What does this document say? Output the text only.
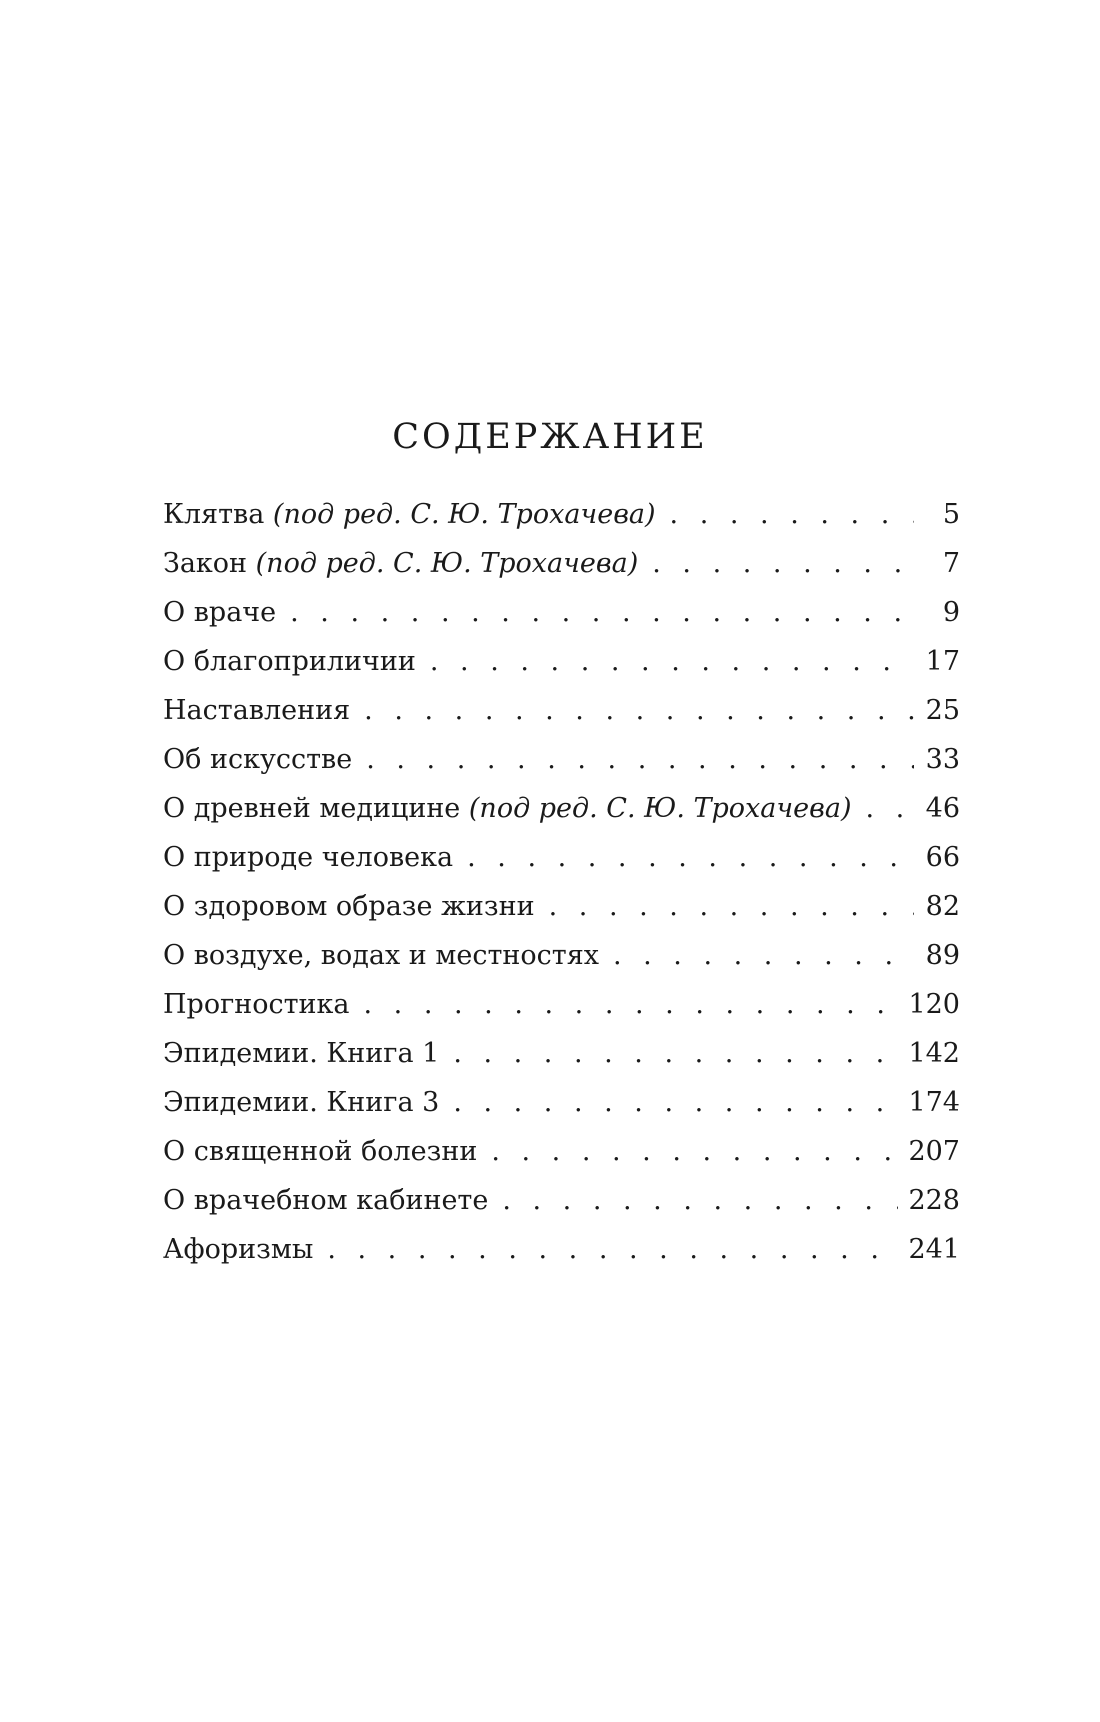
СОДЕРЖАНИЕ
Клятва (под ред. С. Ю. Трохачева) . . .	5
Закон (под ред. С. Ю. Трохачева) . . .	7
О враче . . .	9
О благоприличии . . .	17
Наставления . . .	25
Об искусстве . . .	33
О древней медицине (под ред. С. Ю. Трохачева) . . .	46
О природе человека . . .	66
О здоровом образе жизни . . .	82
О воздухе, водах и местностях . . .	89
Прогностика . . .	120
Эпидемии. Книга 1 . . .	142
Эпидемии. Книга 3 . . .	174
О священной болезни . . .	207
О врачебном кабинете . . .	228
Афоризмы . . .	241
